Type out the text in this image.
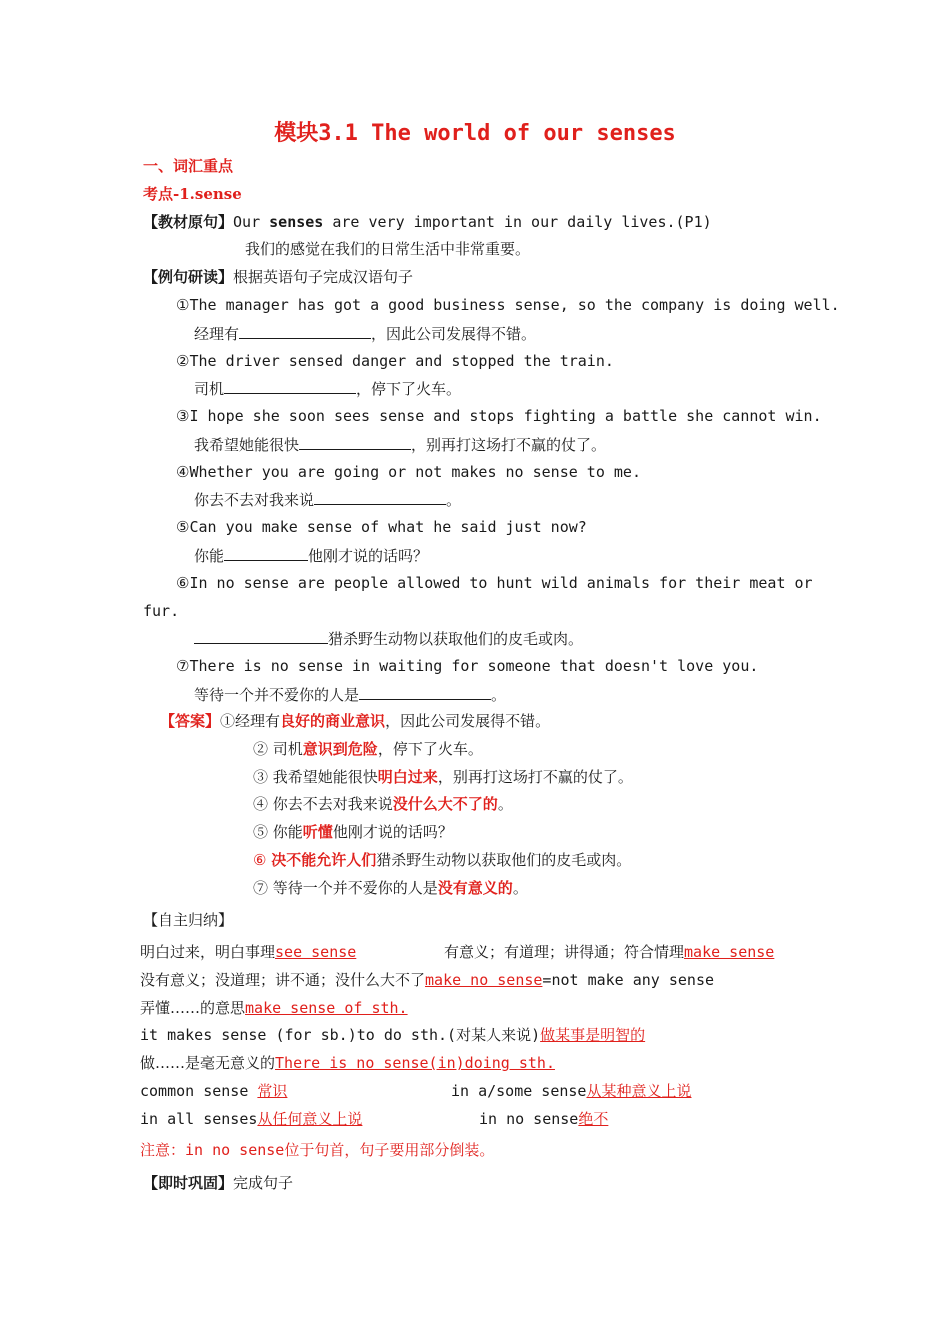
模块3.1 The world of our senses
一、词汇重点
考点-1.sense
【教材原句】Our senses are very important in our daily lives.(P1)
我们的感觉在我们的日常生活中非常重要。
【例句研读】根据英语句子完成汉语句子
①The manager has got a good business sense, so the company is doing well.
经理有	，因此公司发展得不错。
②The driver sensed danger and stopped the train.
司机	，停下了火车。
③I hope she soon sees sense and stops fighting a battle she cannot win.
我希望她能很快	，别再打这场打不赢的仗了。
④Whether you are going or not makes no sense to me.
你去不去对我来说	。
⑤Can you make sense of what he said just now?
你能	他刚才说的话吗？
⑥In no sense are people allowed to hunt wild animals for their meat or
fur.
猎杀野生动物以获取他们的皮毛或肉。
⑦There is no sense in waiting for someone that doesn't love you.
等待一个并不爱你的人是	。
【答案】①经理有良好的商业意识，因此公司发展得不错。
② 司机意识到危险，停下了火车。
③ 我希望她能很快明白过来，别再打这场打不赢的仗了。
④ 你去不去对我来说没什么大不了的。
⑤ 你能听懂他刚才说的话吗？
⑥ 决不能允许人们猎杀野生动物以获取他们的皮毛或肉。
⑦ 等待一个并不爱你的人是没有意义的。
【自主归纳】
明白过来，明白事理see sense	有意义；有道理；讲得通；符合情理make sense
没有意义；没道理；讲不通；没什么大不了make no sense=not make any sense
弄懂……的意思make sense of sth.
it makes sense (for sb.)to do sth.(对某人来说)做某事是明智的
做……是毫无意义的There is no sense(in)doing sth.
common sense 常识	in a/some sense从某种意义上说
in all senses从任何意义上说	in no sense绝不
注意：in no sense位于句首，句子要用部分倒装。
【即时巩固】完成句子
